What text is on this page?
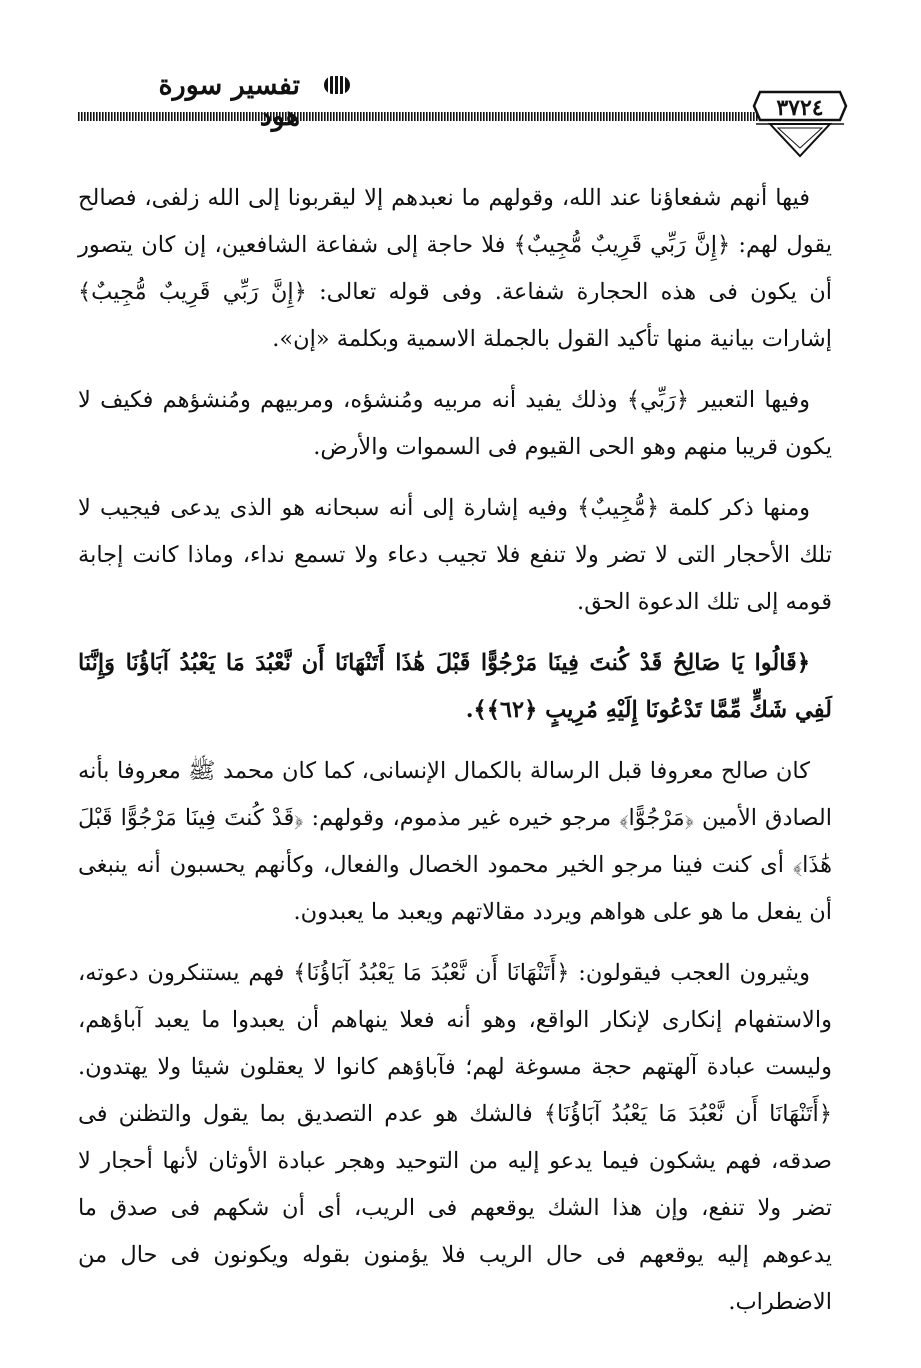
تفسير سورة
٣٧٢٤

فيها أنهم شفعاؤنا عند الله، وقولهم ما نعبدهم إلا ليقربونا إلى الله زلفى، فصالح يقول لهم: ﴿إِنَّ رَبِّي قَرِيبٌ مُّجِيبٌ﴾ فلا حاجة إلى شفاعة الشافعين، إن كان يتصور أن يكون فى هذه الحجارة شفاعة. وفى قوله تعالى: ﴿إِنَّ رَبِّي قَرِيبٌ مُّجِيبٌ﴾ إشارات بيانية منها تأكيد القول بالجملة الاسمية وبكلمة «إن».

وفيها التعبير ﴿رَبِّي﴾ وذلك يفيد أنه مربيه ومُنشؤه، ومربيهم ومُنشؤهم فكيف لا يكون قريبا منهم وهو الحى القيوم فى السموات والأرض.

ومنها ذكر كلمة ﴿مُّجِيبٌ﴾ وفيه إشارة إلى أنه سبحانه هو الذى يدعى فيجيب لا تلك الأحجار التى لا تضر ولا تنفع فلا تجيب دعاء ولا تسمع نداء، وماذا كانت إجابة قومه إلى تلك الدعوة الحق.

﴿قَالُوا يَا صَالِحُ قَدْ كُنتَ فِينَا مَرْجُوًّا قَبْلَ هَٰذَا أَتَنْهَانَا أَن نَّعْبُدَ مَا يَعْبُدُ آبَاؤُنَا وَإِنَّنَا لَفِي شَكٍّ مِّمَّا تَدْعُونَا إِلَيْهِ مُرِيبٍ ﴿٦٢﴾﴾.

كان صالح معروفا قبل الرسالة بالكمال الإنسانى، كما كان محمد ﷺ معروفا بأنه الصادق الأمين ﴿مَرْجُوًّا﴾ مرجو خيره غير مذموم، وقولهم: ﴿قَدْ كُنتَ فِينَا مَرْجُوًّا قَبْلَ هَٰذَا﴾ أى كنت فينا مرجو الخير محمود الخصال والفعال، وكأنهم يحسبون أنه ينبغى أن يفعل ما هو على هواهم ويردد مقالاتهم ويعبد ما يعبدون.

ويثيرون العجب فيقولون: ﴿أَتَنْهَانَا أَن نَّعْبُدَ مَا يَعْبُدُ آبَاؤُنَا﴾ فهم يستنكرون دعوته، والاستفهام إنكارى لإنكار الواقع، وهو أنه فعلا ينهاهم أن يعبدوا ما يعبد آباؤهم، وليست عبادة آلهتهم حجة مسوغة لهم؛ فآباؤهم كانوا لا يعقلون شيئا ولا يهتدون. ﴿أَتَنْهَانَا أَن نَّعْبُدَ مَا يَعْبُدُ آبَاؤُنَا﴾ فالشك هو عدم التصديق بما يقول والتظنن فى صدقه، فهم يشكون فيما يدعو إليه من التوحيد وهجر عبادة الأوثان لأنها أحجار لا تضر ولا تنفع، وإن هذا الشك يوقعهم فى الريب، أى أن شكهم فى صدق ما يدعوهم إليه يوقعهم فى حال الريب فلا يؤمنون بقوله ويكونون فى حال من الاضطراب.
